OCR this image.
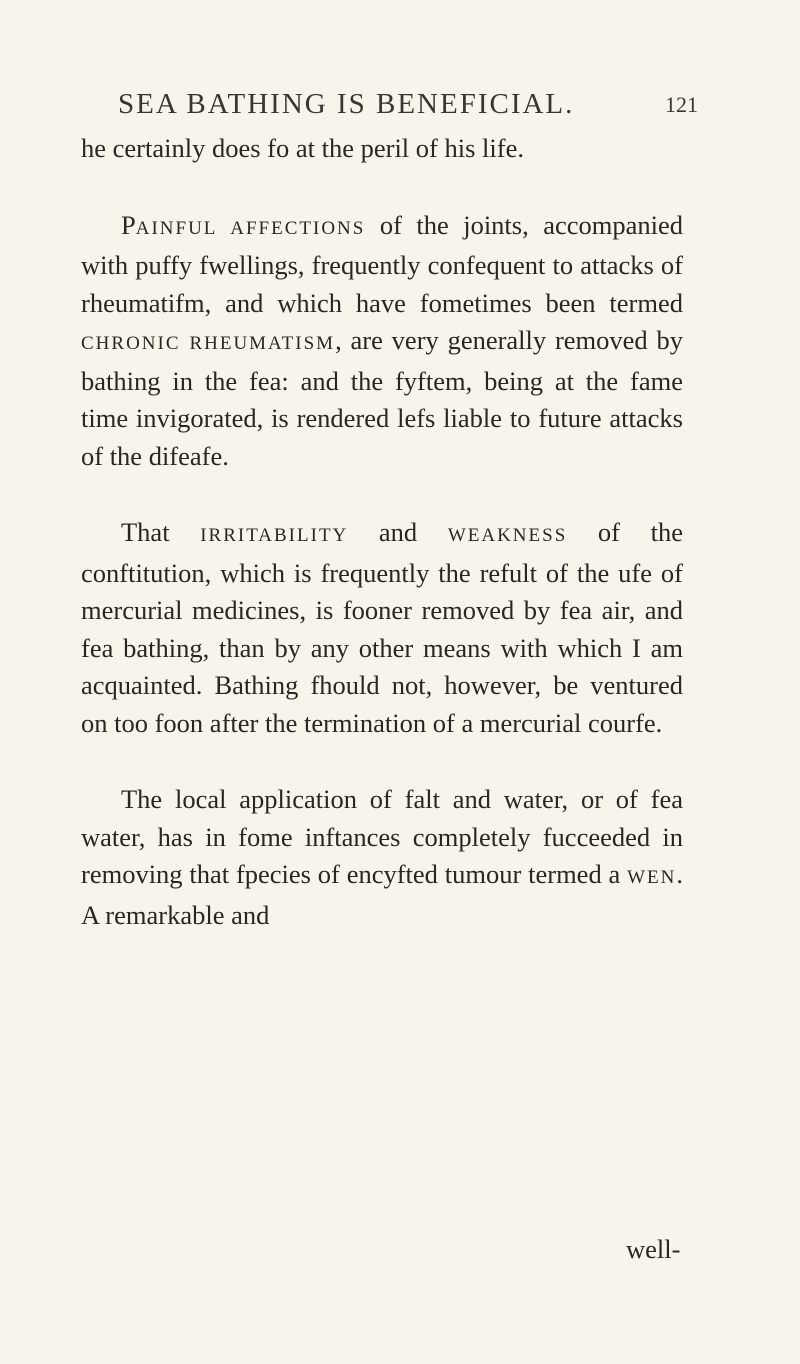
SEA BATHING IS BENEFICIAL.	121

he certainly does fo at the peril of his life.

PAINFUL AFFECTIONS of the joints, accompanied with puffy fwellings, frequently confequent to attacks of rheumatifm, and which have fometimes been termed CHRONIC RHEUMATISM, are very generally removed by bathing in the fea: and the fyftem, being at the fame time invigorated, is rendered lefs liable to future attacks of the difeafe.

That IRRITABILITY and WEAKNESS of the conftitution, which is frequently the refult of the ufe of mercurial medicines, is fooner removed by fea air, and fea bathing, than by any other means with which I am acquainted. Bathing fhould not, however, be ventured on too foon after the termination of a mercurial courfe.

The local application of falt and water, or of fea water, has in fome inftances completely fucceeded in removing that fpecies of encyfted tumour termed a WEN. A remarkable and

well-
